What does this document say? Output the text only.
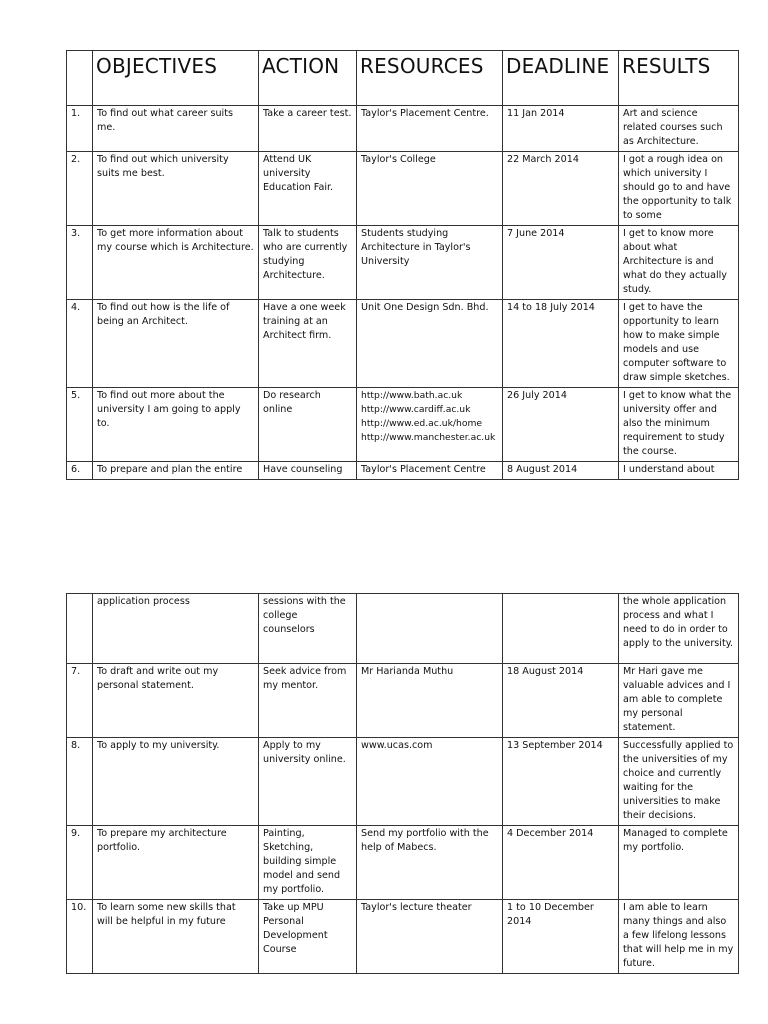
	OBJECTIVES	ACTION	RESOURCES	DEADLINE	RESULTS
1.	To find out what career suits me.	Take a career test.	Taylor's Placement Centre.	11 Jan 2014	Art and science related courses such as Architecture.
2.	To find out which university suits me best.	Attend UK university Education Fair.	Taylor's College	22 March 2014	I got a rough idea on which university I should go to and have the opportunity to talk to some
3.	To get more information about my course which is Architecture.	Talk to students who are currently studying Architecture.	Students studying Architecture in Taylor's University	7 June 2014	I get to know more about what Architecture is and what do they actually study.
4.	To find out how is the life of being an Architect.	Have a one week training at an Architect firm.	Unit One Design Sdn. Bhd.	14 to 18 July 2014	I get to have the opportunity to learn how to make simple models and use computer software to draw simple sketches.
5.	To find out more about the university I am going to apply to.	Do research online	http://www.bath.ac.uk
http://www.cardiff.ac.uk
http://www.ed.ac.uk/home
http://www.manchester.ac.uk	26 July 2014	I get to know what the university offer and also the minimum requirement to study the course.
6.	To prepare and plan the entire	Have counseling	Taylor's Placement Centre	8 August 2014	I understand about
	application process	sessions with the college counselors			the whole application process and what I need to do in order to apply to the university.
7.	To draft and write out my personal statement.	Seek advice from my mentor.	Mr Harianda Muthu	18 August 2014	Mr Hari gave me valuable advices and I am able to complete my personal statement.
8.	To apply to my university.	Apply to my university online.	www.ucas.com	13 September 2014	Successfully applied to the universities of my choice and currently waiting for the universities to make their decisions.
9.	To prepare my architecture portfolio.	Painting, Sketching, building simple model and send my portfolio.	Send my portfolio with the help of Mabecs.	4 December 2014	Managed to complete my portfolio.
10.	To learn some new skills that will be helpful in my future	Take up MPU Personal Development Course	Taylor's lecture theater	1 to 10 December 2014	I am able to learn many things and also a few lifelong lessons that will help me in my future.
